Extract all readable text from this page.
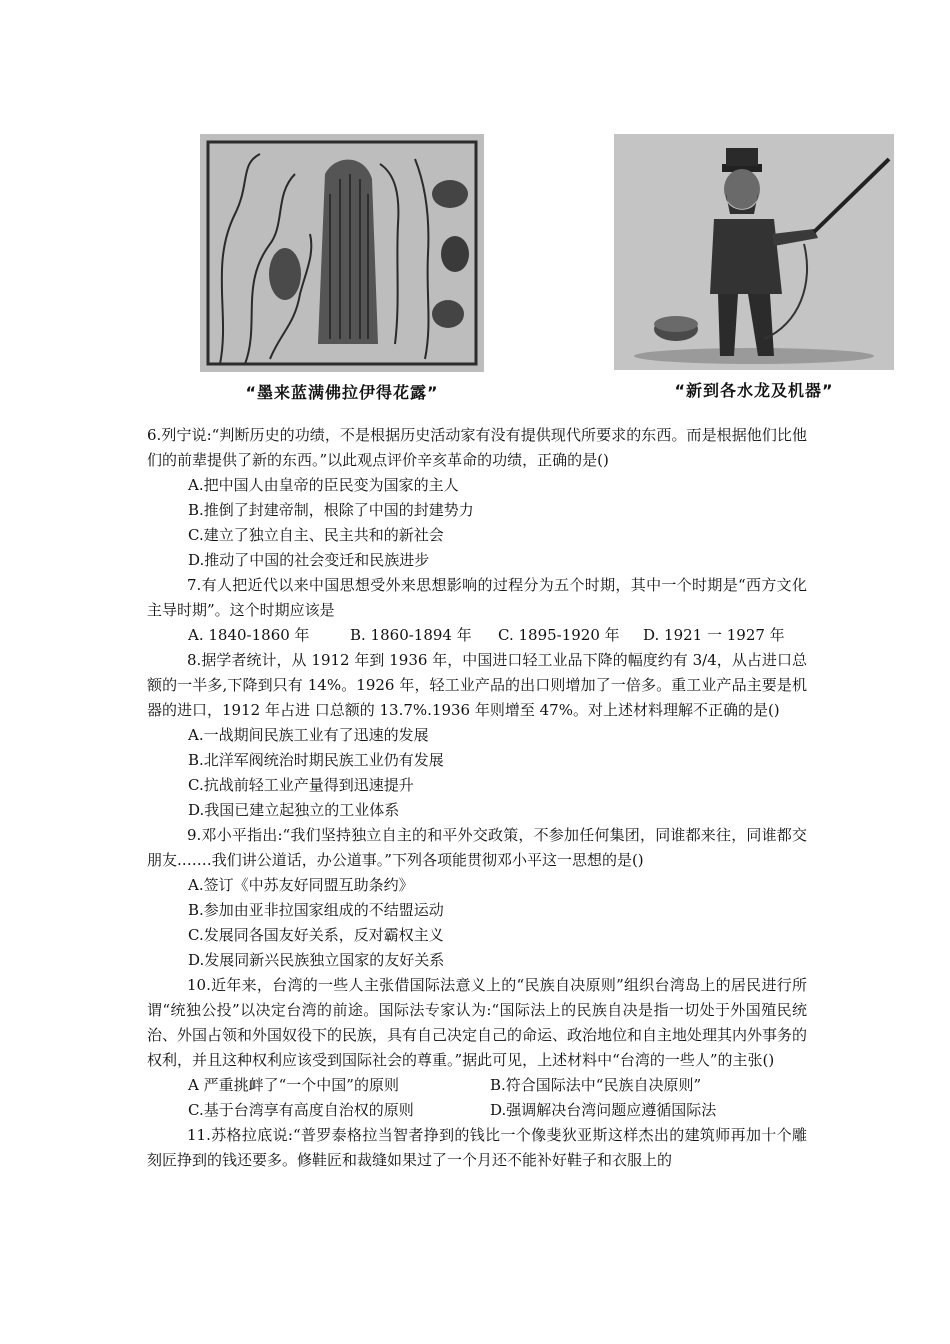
“墨来蓝满佛拉伊得花露”	“新到各水龙及机器”

6.列宁说:“判断历史的功绩，不是根据历史活动家有没有提供现代所要求的东西。而是根据他们比他们的前辈提供了新的东西。”以此观点评价辛亥革命的功绩，正确的是()

A.把中国人由皇帝的臣民变为国家的主人

B.推倒了封建帝制，根除了中国的封建势力

C.建立了独立自主、民主共和的新社会

D.推动了中国的社会变迁和民族进步

7.有人把近代以来中国思想受外来思想影响的过程分为五个时期，其中一个时期是“西方文化主导时期”。这个时期应该是

A. 1840-1860 年	B. 1860-1894 年 C. 1895-1920 年 D. 1921 一 1927 年

8.据学者统计，从 1912 年到 1936 年，中国进口轻工业品下降的幅度约有 3/4，从占进口总额的一半多,下降到只有 14%。1926 年，轻工业产品的出口则增加了一倍多。重工业产品主要是机器的进口，1912 年占进 口总额的 13.7%.1936 年则增至 47%。对上述材料理解不正确的是()

A.一战期间民族工业有了迅速的发展

B.北洋军阀统治时期民族工业仍有发展

C.抗战前轻工业产量得到迅速提升

D.我国已建立起独立的工业体系

9.邓小平指出:“我们坚持独立自主的和平外交政策，不参加任何集团，同谁都来往，同谁都交朋友.……我们讲公道话，办公道事。”下列各项能贯彻邓小平这一思想的是()

A.签订《中苏友好同盟互助条约》

B.参加由亚非拉国家组成的不结盟运动

C.发展同各国友好关系，反对霸权主义

D.发展同新兴民族独立国家的友好关系

10.近年来，台湾的一些人主张借国际法意义上的“民族自决原则”组织台湾岛上的居民进行所谓“统独公投”以决定台湾的前途。国际法专家认为:“国际法上的民族自决是指一切处于外国殖民统治、外国占领和外国奴役下的民族，具有自己决定自己的命运、政治地位和自主地处理其内外事务的权利，并且这种权利应该受到国际社会的尊重。”据此可见，上述材料中“台湾的一些人”的主张()

A 严重挑衅了“一个中国”的原则	B.符合国际法中“民族自决原则”

C.基于台湾享有高度自治权的原则	D.强调解决台湾问题应遵循国际法

11.苏格拉底说:“普罗泰格拉当智者挣到的钱比一个像斐狄亚斯这样杰出的建筑师再加十个雕刻匠挣到的钱还要多。修鞋匠和裁缝如果过了一个月还不能补好鞋子和衣服上的
